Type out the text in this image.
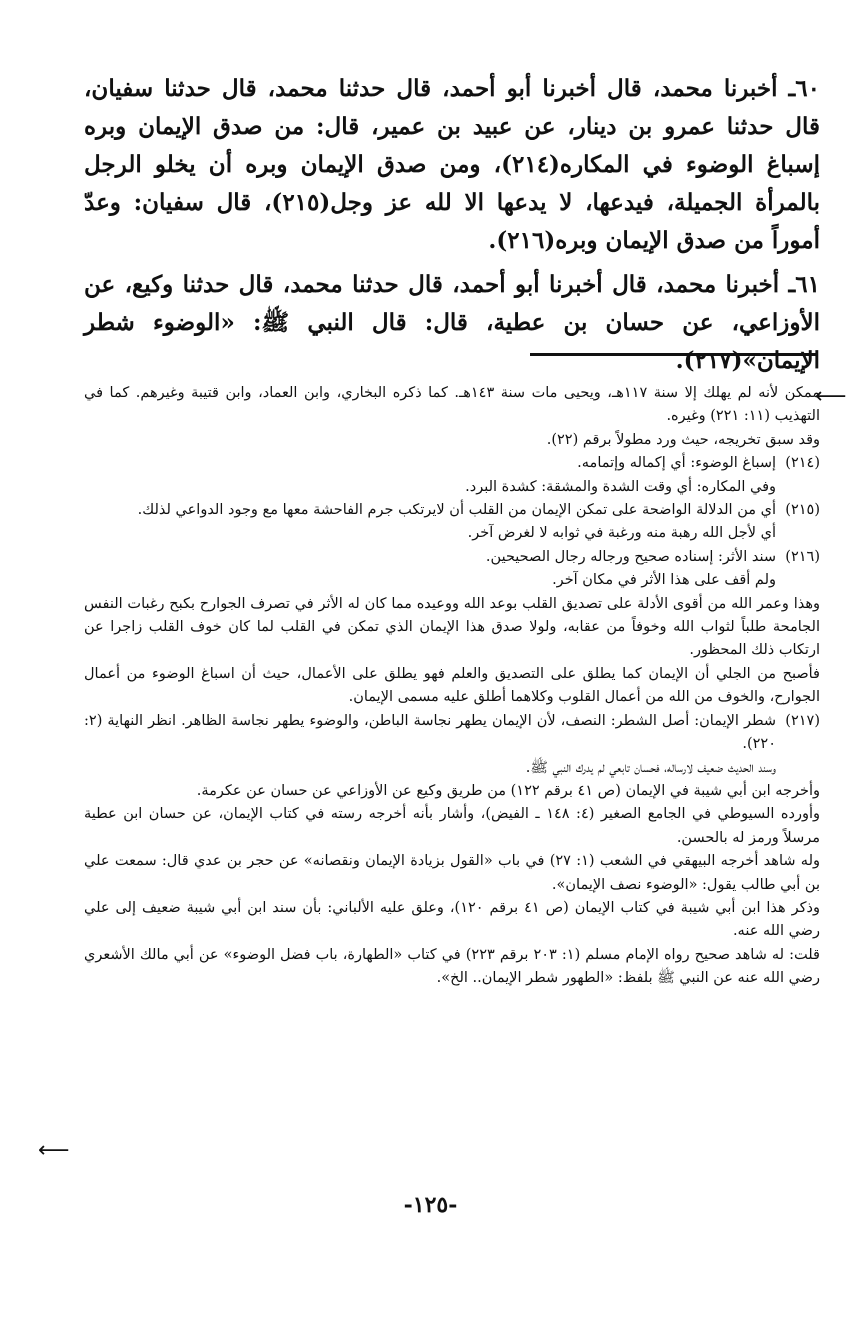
٦٠ـ أخبرنا محمد، قال أخبرنا أبو أحمد، قال حدثنا محمد، قال حدثنا سفيان، قال حدثنا عمرو بن دينار، عن عبيد بن عمير، قال: من صدق الإيمان وبره إسباغ الوضوء في المكاره(٢١٤)، ومن صدق الإيمان وبره أن يخلو الرجل بالمرأة الجميلة، فيدعها، لا يدعها الا لله عز وجل(٢١٥)، قال سفيان: وعدّ أموراً من صدق الإيمان وبره(٢١٦).

٦١ـ أخبرنا محمد، قال أخبرنا أبو أحمد، قال حدثنا محمد، قال حدثنا وكيع، عن الأوزاعي، عن حسان بن عطية، قال: قال النبي ﷺ: «الوضوء شطر الإيمان»(٢١٧).

⟵

ممكن لأنه لم يهلك إلا سنة ١١٧هـ، ويحيى مات سنة ١٤٣هـ. كما ذكره البخاري، وابن العماد، وابن قتيبة وغيرهم. كما في التهذيب (١١: ٢٢١) وغيره.

وقد سبق تخريجه، حيث ورد مطولاً برقم (٢٢).

(٢١٤)
إسباغ الوضوء: أي إكماله وإتمامه.

وفي المكاره: أي وقت الشدة والمشقة: كشدة البرد.

(٢١٥)
أي من الدلالة الواضحة على تمكن الإيمان من القلب أن لايرتكب جرم الفاحشة معها مع وجود الدواعي لذلك.

أي لأجل الله رهبة منه ورغبة في ثوابه لا لغرض آخر.

(٢١٦)
سند الأثر: إسناده صحيح ورجاله رجال الصحيحين.

ولم أقف على هذا الأثر في مكان آخر.

وهذا وعمر الله من أقوى الأدلة على تصديق القلب بوعد الله ووعيده مما كان له الأثر في تصرف الجوارح بكبح رغبات النفس الجامحة طلباً لثواب الله وخوفاً من عقابه، ولولا صدق هذا الإيمان الذي تمكن في القلب لما كان خوف القلب زاجرا عن ارتكاب ذلك المحظور.

فأصبح من الجلي أن الإيمان كما يطلق على التصديق والعلم فهو يطلق على الأعمال، حيث أن اسباغ الوضوء من أعمال الجوارح، والخوف من الله من أعمال القلوب وكلاهما أطلق عليه مسمى الإيمان.

(٢١٧)
شطر الإيمان: أصل الشطر: النصف، لأن الإيمان يطهر نجاسة الباطن، والوضوء يطهر نجاسة الظاهر. انظر النهاية (٢: ٢٢٠).

وسند الحديث ضعيف لارساله، فحسان تابعي لم يدرك النبي ﷺ.

وأخرجه ابن أبي شيبة في الإيمان (ص ٤١ برقم ١٢٢) من طريق وكيع عن الأوزاعي عن حسان عن عكرمة.

وأورده السيوطي في الجامع الصغير (٤: ١٤٨ ـ الفيض)، وأشار بأنه أخرجه رسته في كتاب الإيمان، عن حسان ابن عطية مرسلاً ورمز له بالحسن.

وله شاهد أخرجه البيهقي في الشعب (١: ٢٧) في باب «القول بزيادة الإيمان ونقصانه» عن حجر بن عدي قال: سمعت علي بن أبي طالب يقول: «الوضوء نصف الإيمان».

وذكر هذا ابن أبي شيبة في كتاب الإيمان (ص ٤١ برقم ١٢٠)، وعلق عليه الألباني: بأن سند ابن أبي شيبة ضعيف إلى علي رضي الله عنه.

قلت: له شاهد صحيح رواه الإمام مسلم (١: ٢٠٣ برقم ٢٢٣) في كتاب «الطهارة، باب فضل الوضوء» عن أبي مالك الأشعري رضي الله عنه عن النبي ﷺ بلفظ: «الطهور شطر الإيمان.. الخ».

⟵
-١٢٥-
